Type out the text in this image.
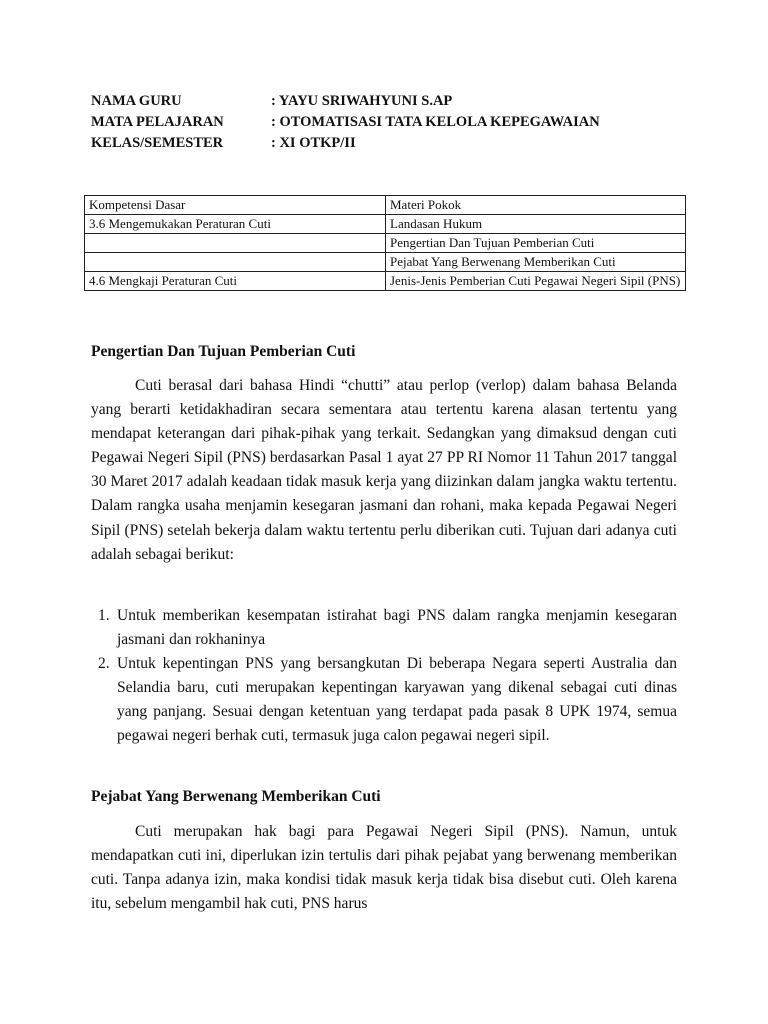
NAMA GURU	: YAYU SRIWAHYUNI S.AP
MATA PELAJARAN	: OTOMATISASI TATA KELOLA KEPEGAWAIAN
KELAS/SEMESTER	: XI OTKP/II
Kompetensi Dasar	Materi Pokok
3.6 Mengemukakan Peraturan Cuti	Landasan Hukum
	Pengertian Dan Tujuan Pemberian Cuti
	Pejabat Yang Berwenang Memberikan Cuti
4.6 Mengkaji Peraturan Cuti	Jenis-Jenis Pemberian Cuti Pegawai Negeri Sipil (PNS)
Pengertian Dan Tujuan Pemberian Cuti

Cuti berasal dari bahasa Hindi “chutti” atau perlop (verlop) dalam bahasa Belanda yang berarti ketidakhadiran secara sementara atau tertentu karena alasan tertentu yang mendapat keterangan dari pihak-pihak yang terkait. Sedangkan yang dimaksud dengan cuti Pegawai Negeri Sipil (PNS) berdasarkan Pasal 1 ayat 27 PP RI Nomor 11 Tahun 2017 tanggal 30 Maret 2017 adalah keadaan tidak masuk kerja yang diizinkan dalam jangka waktu tertentu. Dalam rangka usaha menjamin kesegaran jasmani dan rohani, maka kepada Pegawai Negeri Sipil (PNS) setelah bekerja dalam waktu tertentu perlu diberikan cuti. Tujuan dari adanya cuti adalah sebagai berikut:

1. Untuk memberikan kesempatan istirahat bagi PNS dalam rangka menjamin kesegaran jasmani dan rokhaninya
2. Untuk kepentingan PNS yang bersangkutan Di beberapa Negara seperti Australia dan Selandia baru, cuti merupakan kepentingan karyawan yang dikenal sebagai cuti dinas yang panjang. Sesuai dengan ketentuan yang terdapat pada pasak 8 UPK 1974, semua pegawai negeri berhak cuti, termasuk juga calon pegawai negeri sipil.
Pejabat Yang Berwenang Memberikan Cuti

Cuti merupakan hak bagi para Pegawai Negeri Sipil (PNS). Namun, untuk mendapatkan cuti ini, diperlukan izin tertulis dari pihak pejabat yang berwenang memberikan cuti. Tanpa adanya izin, maka kondisi tidak masuk kerja tidak bisa disebut cuti. Oleh karena itu, sebelum mengambil hak cuti, PNS harus
